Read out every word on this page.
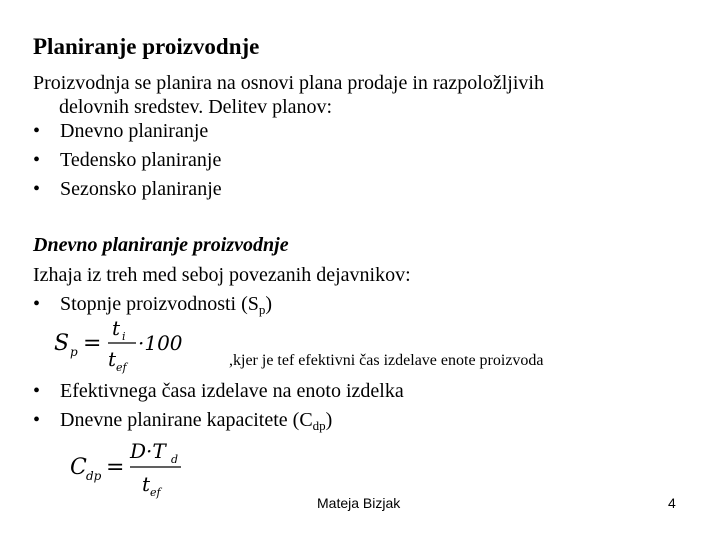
Planiranje proizvodnje
Proizvodnja se planira na osnovi plana prodaje in razpoložljivih
delovnih sredstev. Delitev planov:
• Dnevno planiranje
• Tedensko planiranje
• Sezonsko planiranje
Dnevno planiranje proizvodnje
Izhaja iz treh med seboj povezanih dejavnikov:
• Stopnje proizvodnosti $(S_p)$
S p =
t i
t ef
·100
,kjer je tef efektivni čas izdelave enote proizvoda
• Efektivnega časa izdelave na enoto izdelka
• Dnevne planirane kapacitete $(C_{dp})$
C dp =
D·T d
t ef
Mateja Bizjak	4
